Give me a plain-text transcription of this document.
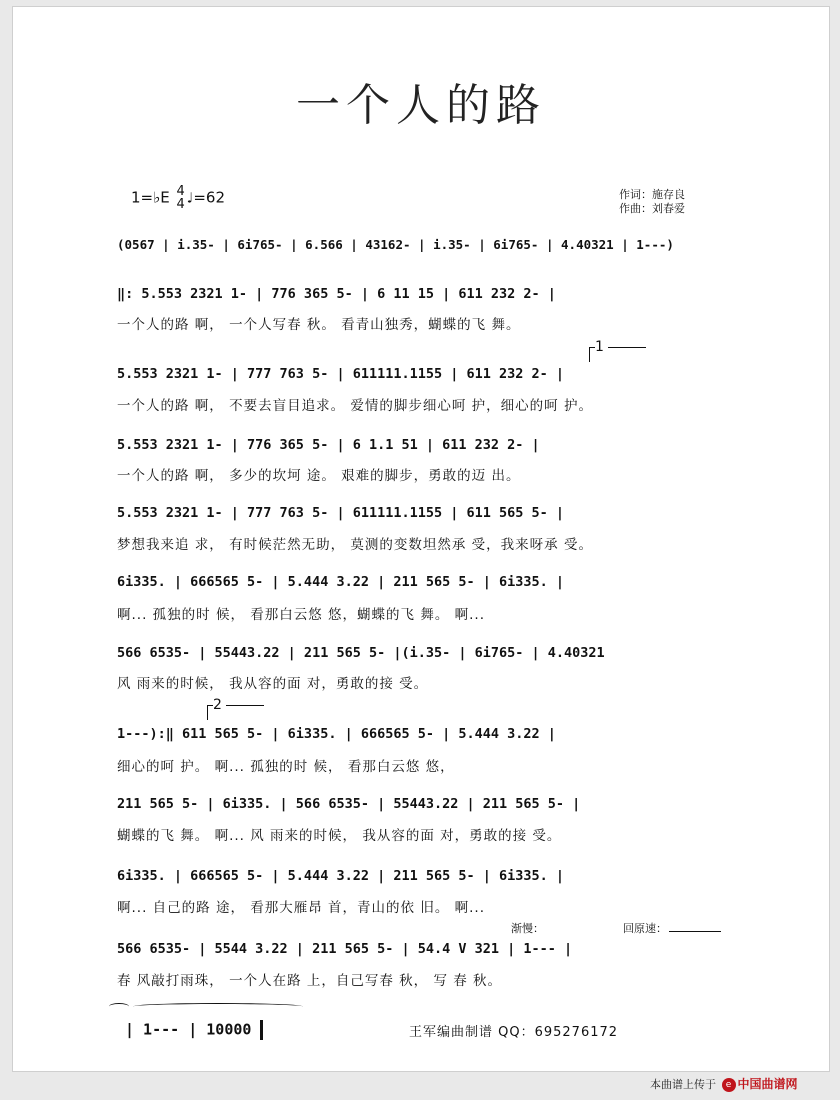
一个人的路
1=♭E 4
4 ♩=62	作词：施存良
作曲：刘春爱
(0567 | i.35- | 6i765- | 6.566 | 43162- | i.35- | 6i765- | 4.40321 | 1---)
‖: 5.553 2321 1- | 776 365 5- | 6 11 15 | 611 232 2- |
一个人的路 啊， 一个人写春 秋。 看青山独秀，蝴蝶的飞 舞。
1
5.553 2321 1- | 777 763 5- | 611111.1155 | 611 232 2- |
一个人的路 啊， 不要去盲目追求。 爱情的脚步细心呵 护，细心的呵 护。
5.553 2321 1- | 776 365 5- | 6 1.1 51 | 611 232 2- |
一个人的路 啊， 多少的坎坷 途。 艰难的脚步，勇敢的迈 出。
5.553 2321 1- | 777 763 5- | 611111.1155 | 611 565 5- |
梦想我来追 求， 有时候茫然无助， 莫测的变数坦然承 受，我来呀承 受。
6i335. | 666565 5- | 5.444 3.22 | 211 565 5- | 6i335. |
啊... 孤独的时 候， 看那白云悠 悠，蝴蝶的飞 舞。 啊...
566 6535- | 55443.22 | 211 565 5- |(i.35- | 6i765- | 4.40321
风 雨来的时候， 我从容的面 对，勇敢的接 受。
2
1---):‖ 611 565 5- | 6i335. | 666565 5- | 5.444 3.22 |
细心的呵 护。 啊... 孤独的时 候， 看那白云悠 悠，
211 565 5- | 6i335. | 566 6535- | 55443.22 | 211 565 5- |
蝴蝶的飞 舞。 啊... 风 雨来的时候， 我从容的面 对，勇敢的接 受。
6i335. | 666565 5- | 5.444 3.22 | 211 565 5- | 6i335. |
啊... 自己的路 途， 看那大雁昂 首，青山的依 旧。 啊...
渐慢：	回原速：
566 6535- | 5544 3.22 | 211 565 5- | 54.4 V 321 | 1--- |
春 风敲打雨珠， 一个人在路 上，自己写春 秋， 写 春 秋。
| 1--- | 10000	王军编曲制谱 QQ：695276172
本曲谱上传于 e 中国曲谱网
